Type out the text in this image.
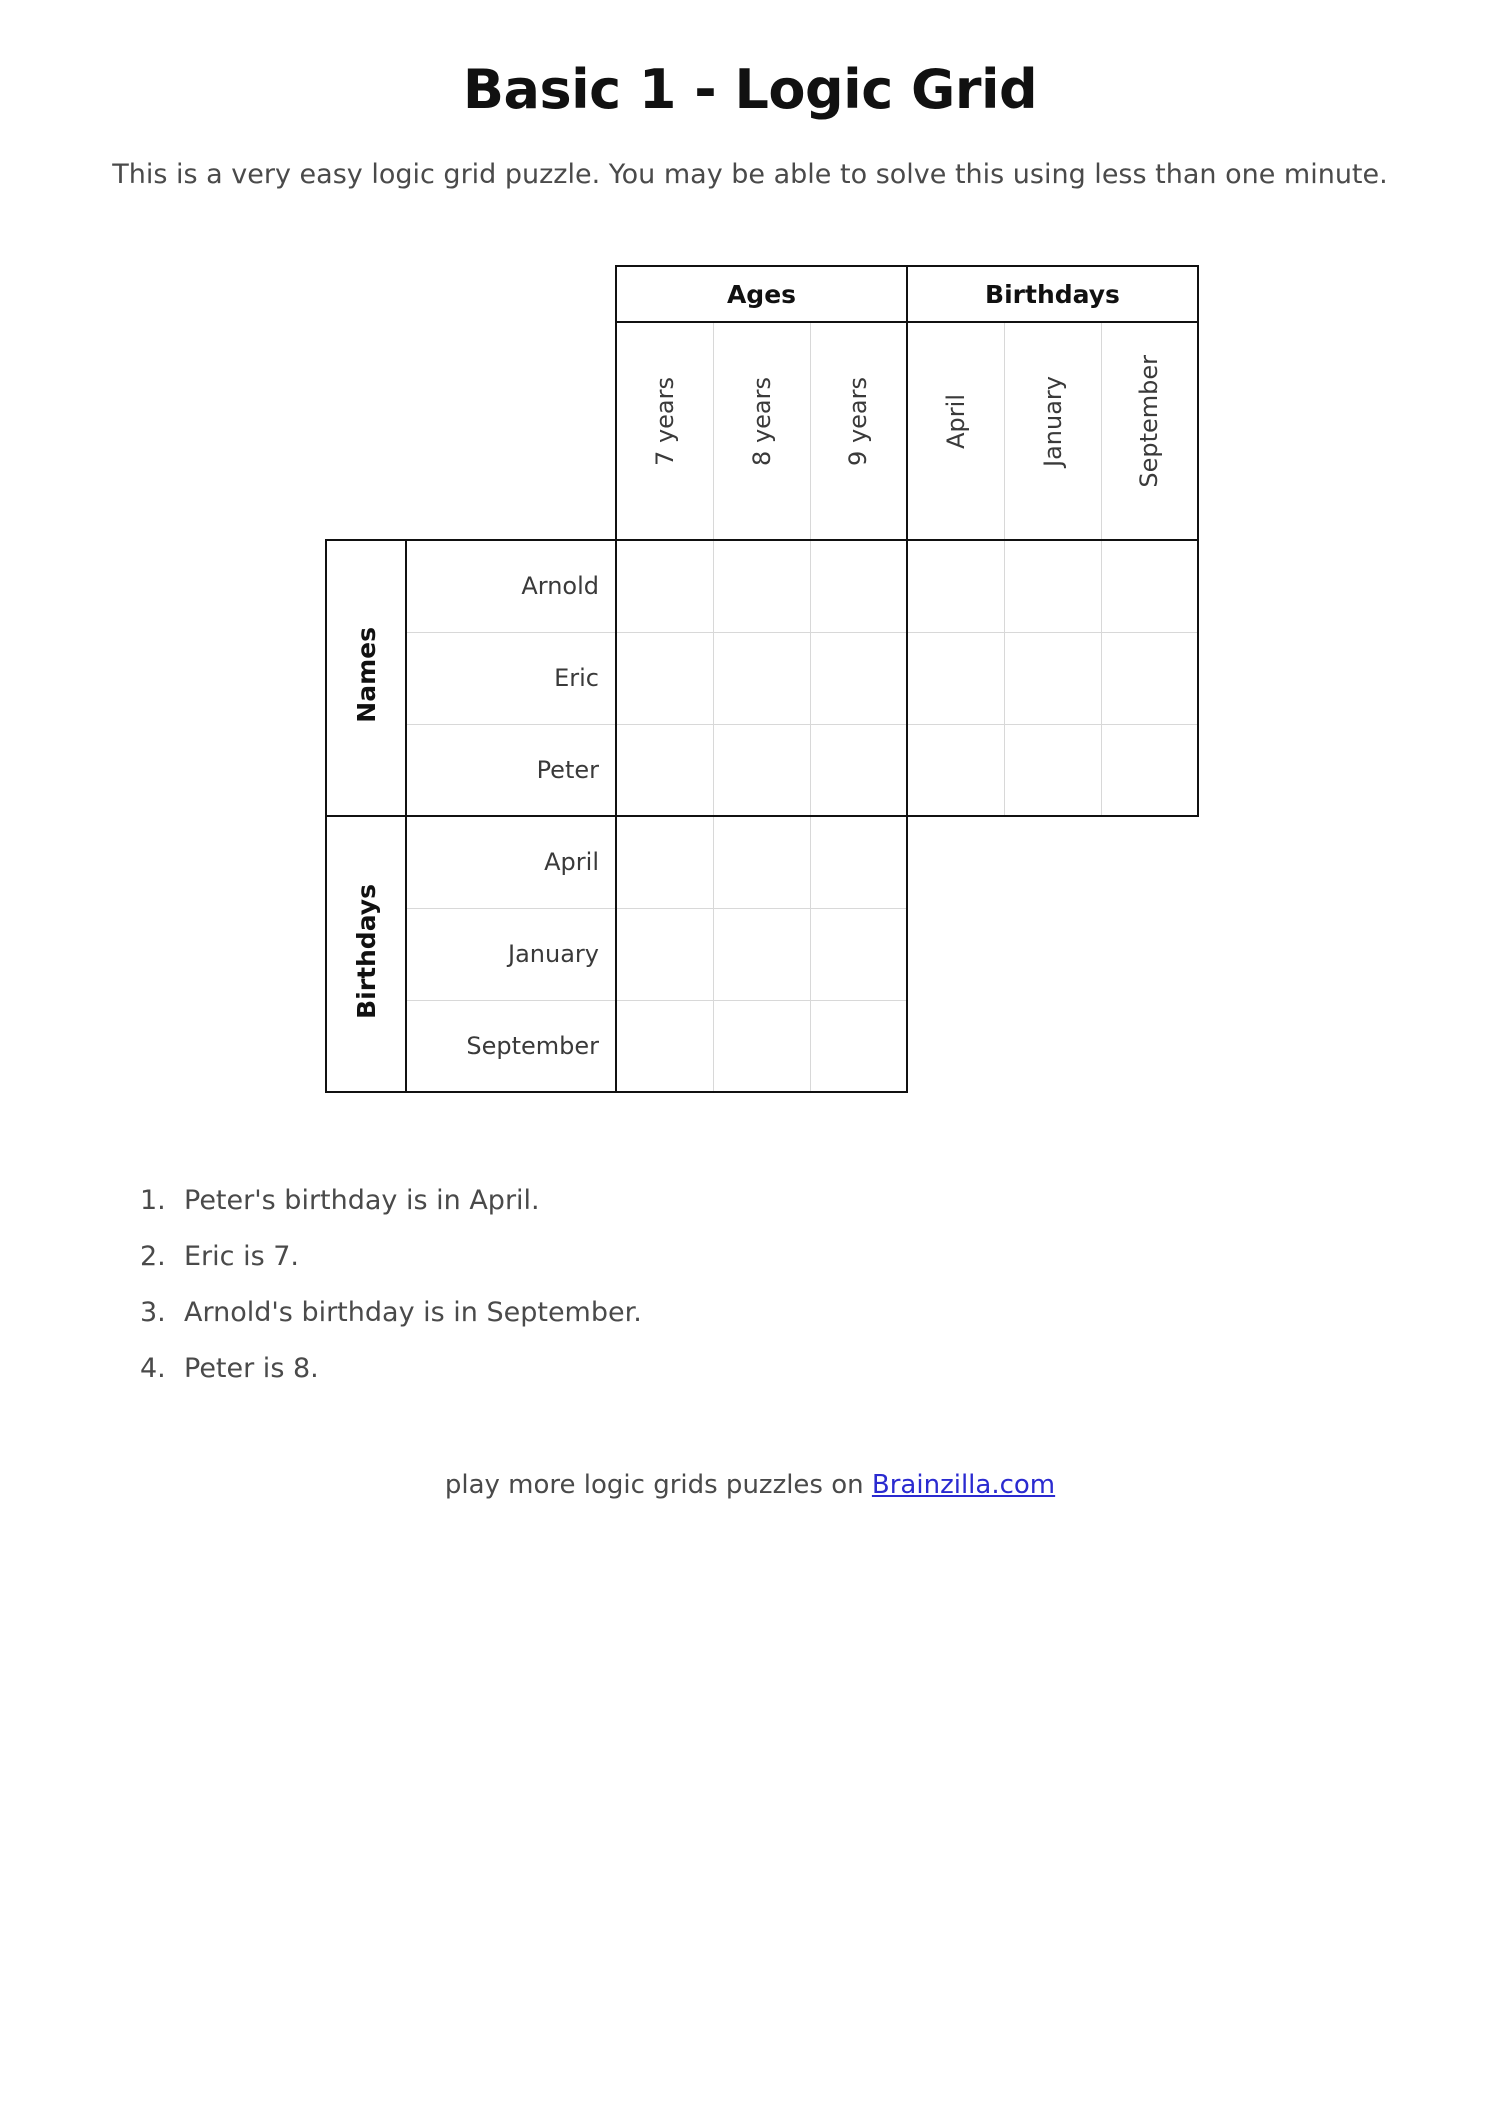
Basic 1 - Logic Grid

This is a very easy logic grid puzzle. You may be able to solve this using less than one minute.

		Ages			Birthdays		
		7 years	8 years	9 years	April	January	September
Names	Arnold						
	Eric						
	Peter						
Birthdays	April						
	January						
	September						
1. Peter's birthday is in April.
2. Eric is 7.
3. Arnold's birthday is in September.
4. Peter is 8.
play more logic grids puzzles on Brainzilla.com
